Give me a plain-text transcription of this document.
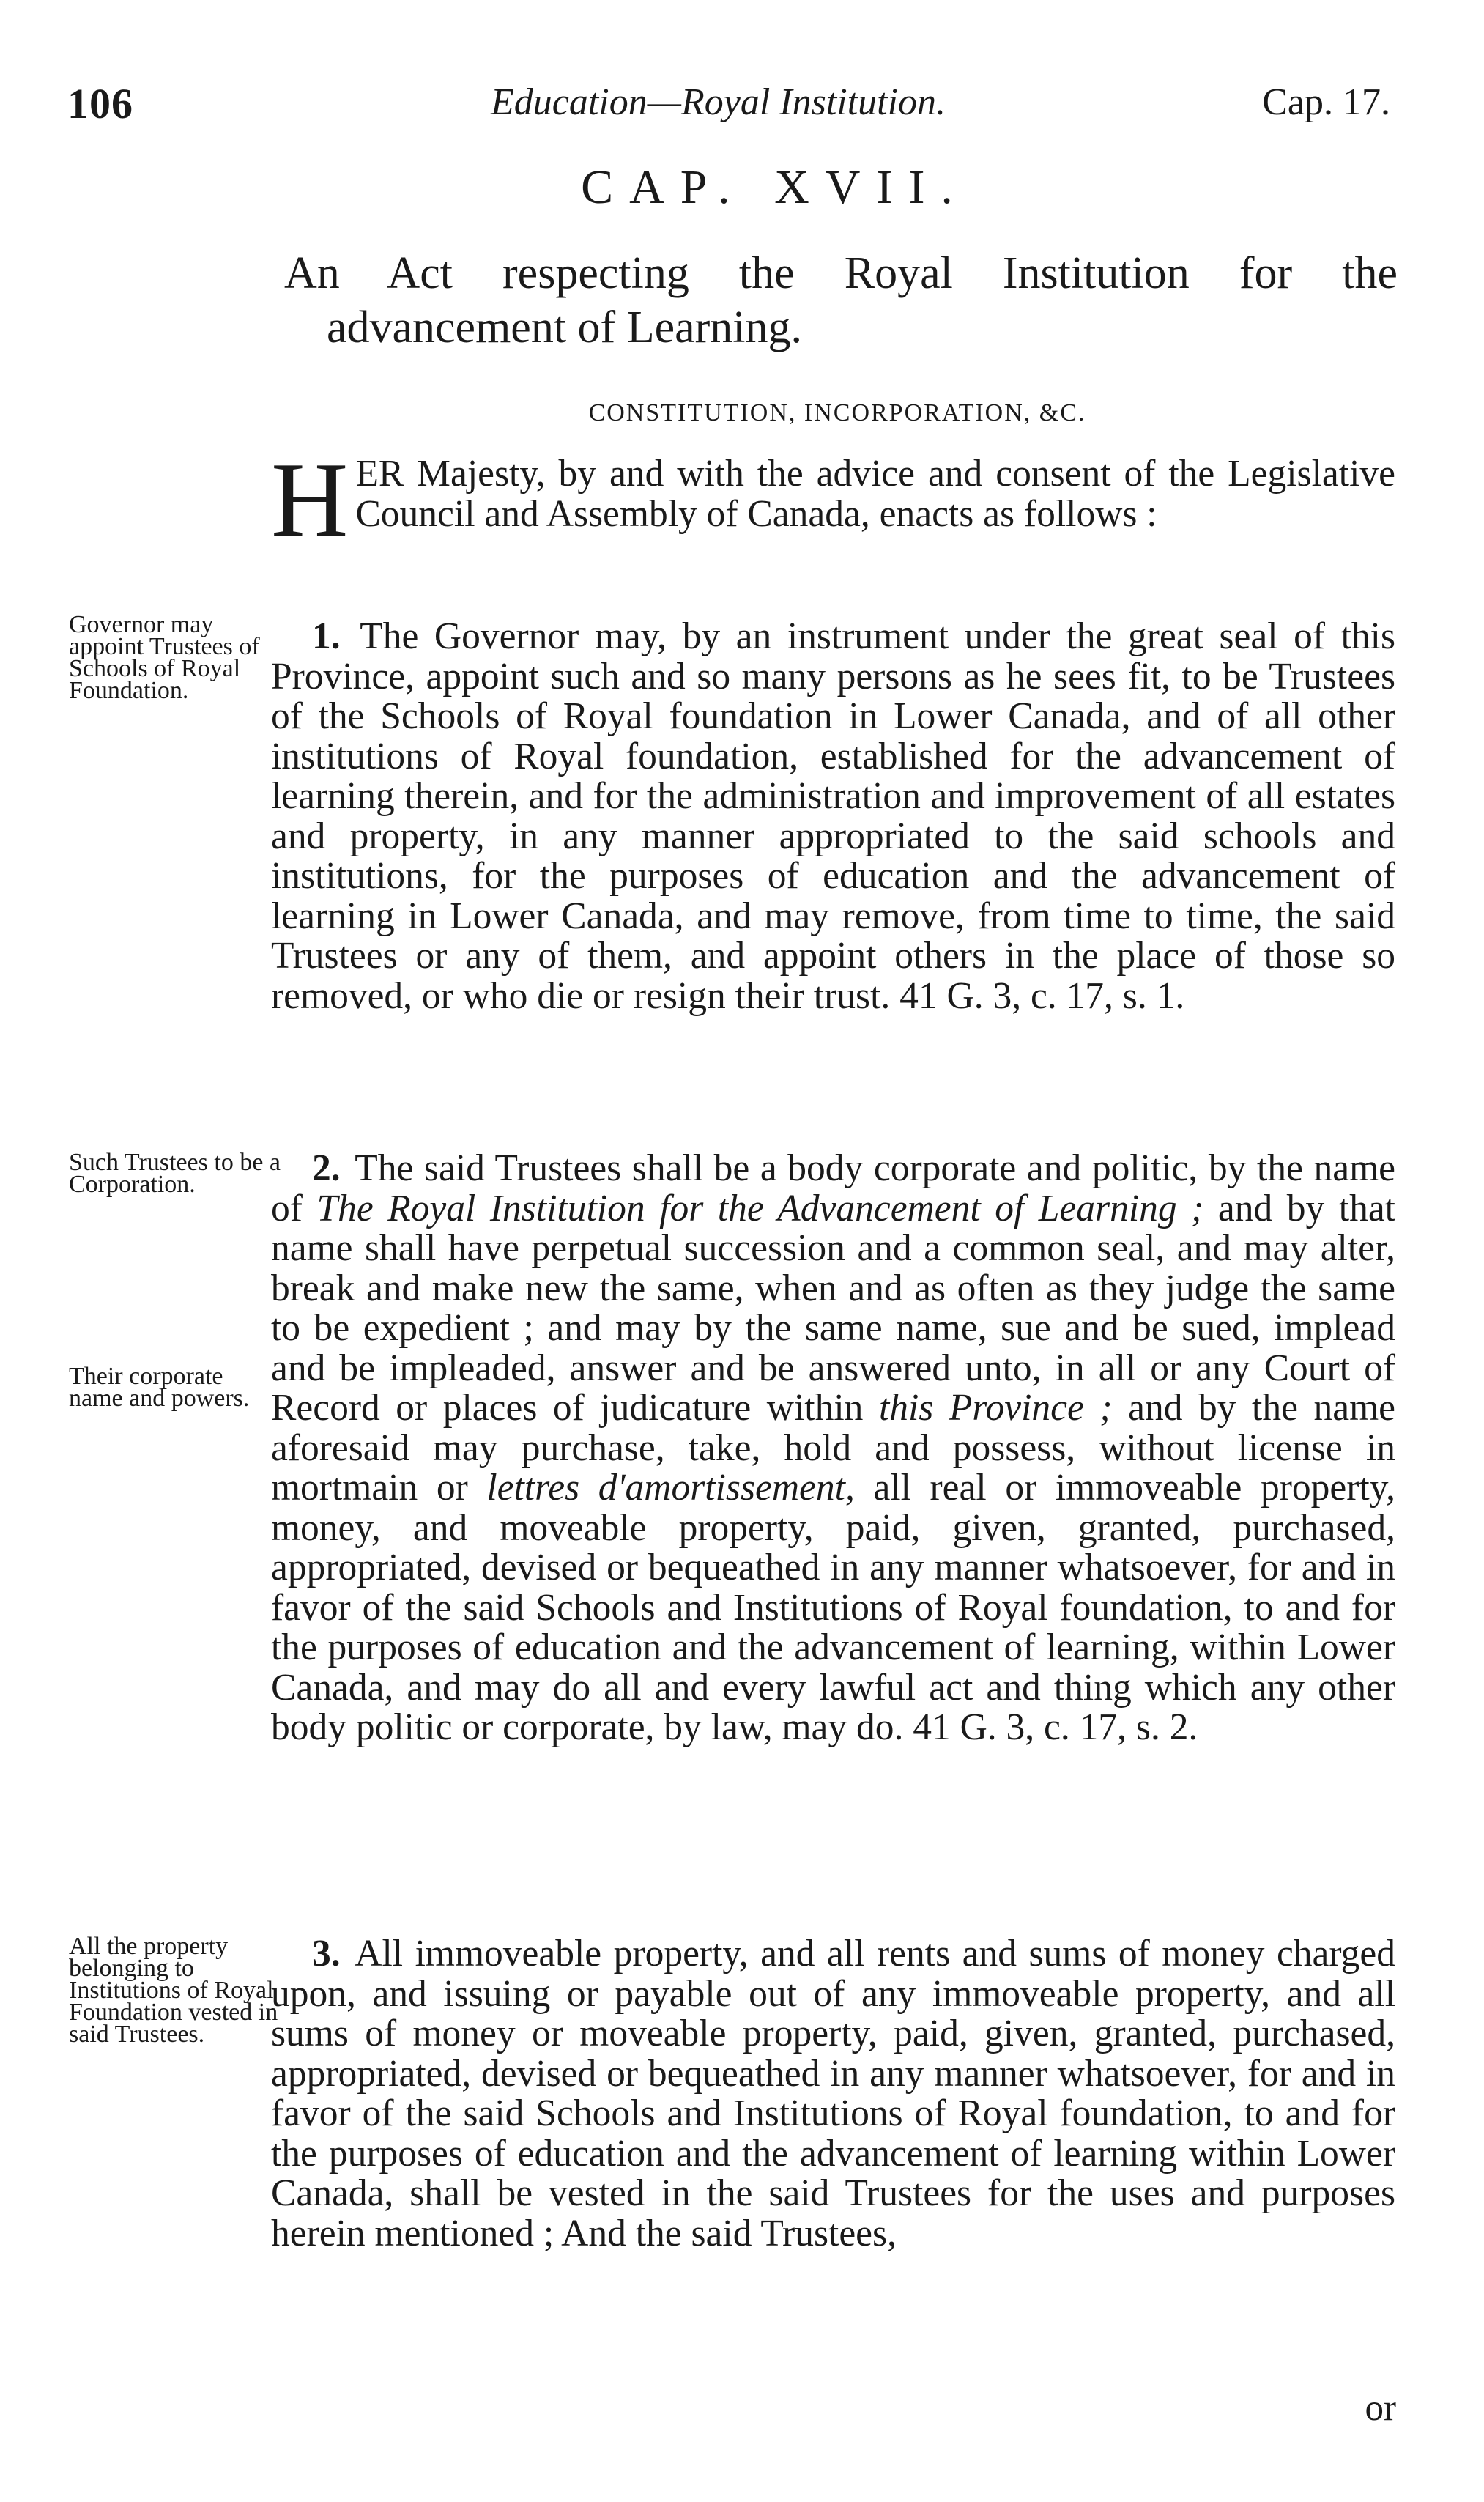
106	Education—Royal Institution.	Cap. 17.
CAP. XVII.
An Act respecting the Royal Institution for the
advancement of Learning.
CONSTITUTION, INCORPORATION, &C.
HER Majesty, by and with the advice and consent of the Legislative Council and Assembly of Canada, enacts as follows :
Governor may appoint Trustees of Schools of Royal Foundation.
1. The Governor may, by an instrument under the great seal of this Province, appoint such and so many persons as he sees fit, to be Trustees of the Schools of Royal foundation in Lower Canada, and of all other institutions of Royal foundation, established for the advancement of learning therein, and for the administration and improvement of all estates and property, in any manner appropriated to the said schools and institutions, for the purposes of education and the advancement of learning in Lower Canada, and may remove, from time to time, the said Trustees or any of them, and appoint others in the place of those so removed, or who die or resign their trust. 41 G. 3, c. 17, s. 1.
Such Trustees to be a Corporation.
Their corporate name and powers.
2. The said Trustees shall be a body corporate and politic, by the name of The Royal Institution for the Advancement of Learning ; and by that name shall have perpetual succession and a common seal, and may alter, break and make new the same, when and as often as they judge the same to be expedient ; and may by the same name, sue and be sued, implead and be impleaded, answer and be answered unto, in all or any Court of Record or places of judicature within this Province ; and by the name aforesaid may purchase, take, hold and possess, without license in mortmain or lettres d'amortissement, all real or immoveable property, money, and moveable property, paid, given, granted, purchased, appropriated, devised or bequeathed in any manner whatsoever, for and in favor of the said Schools and Institutions of Royal foundation, to and for the purposes of education and the advancement of learning, within Lower Canada, and may do all and every lawful act and thing which any other body politic or corporate, by law, may do. 41 G. 3, c. 17, s. 2.
All the property belonging to Institutions of Royal Foundation vested in said Trustees.
3. All immoveable property, and all rents and sums of money charged upon, and issuing or payable out of any immoveable property, and all sums of money or moveable property, paid, given, granted, purchased, appropriated, devised or bequeathed in any manner whatsoever, for and in favor of the said Schools and Institutions of Royal foundation, to and for the purposes of education and the advancement of learning within Lower Canada, shall be vested in the said Trustees for the uses and purposes herein mentioned ; And the said Trustees,
or
